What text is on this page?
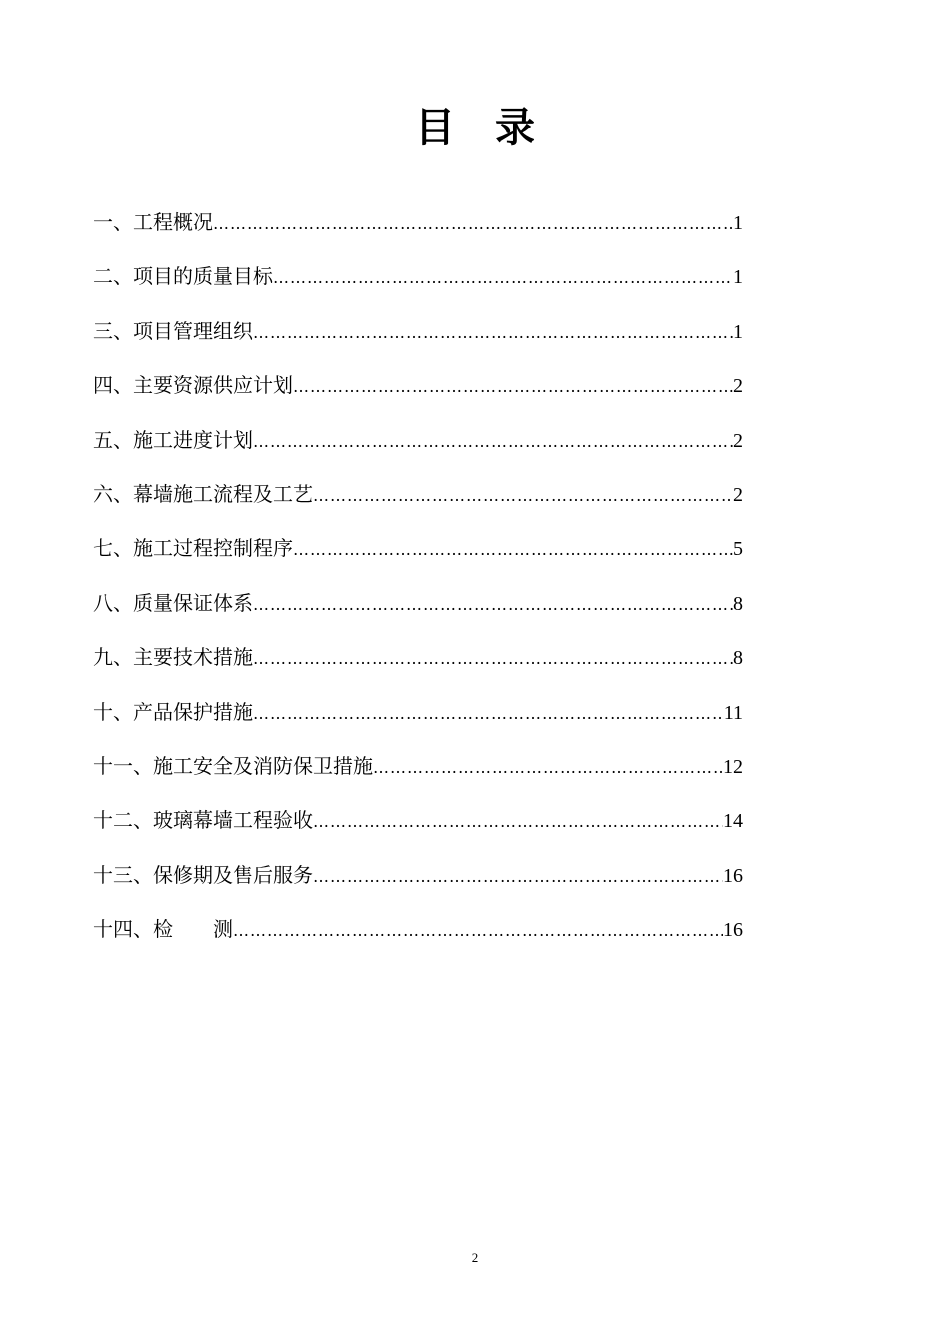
目录
一、工程概况 …………………………………………………………………………………………………………………………………………………………………………………………………………	1
二、项目的质量目标 …………………………………………………………………………………………………………………………………………………………………………………………………………	1
三、项目管理组织 …………………………………………………………………………………………………………………………………………………………………………………………………………	1
四、主要资源供应计划 …………………………………………………………………………………………………………………………………………………………………………………………………………	2
五、施工进度计划 …………………………………………………………………………………………………………………………………………………………………………………………………………	2
六、幕墙施工流程及工艺 …………………………………………………………………………………………………………………………………………………………………………………………………………	2
七、施工过程控制程序 …………………………………………………………………………………………………………………………………………………………………………………………………………	5
八、质量保证体系 …………………………………………………………………………………………………………………………………………………………………………………………………………	8
九、主要技术措施 …………………………………………………………………………………………………………………………………………………………………………………………………………	8
十、产品保护措施 …………………………………………………………………………………………………………………………………………………………………………………………………………	11
十一、施工安全及消防保卫措施 …………………………………………………………………………………………………………………………………………………………………………………………………………	12
十二、玻璃幕墙工程验收 …………………………………………………………………………………………………………………………………………………………………………………………………………	14
十三、保修期及售后服务 …………………………………………………………………………………………………………………………………………………………………………………………………………	16
十四、检　　测 …………………………………………………………………………………………………………………………………………………………………………………………………………	16
2
